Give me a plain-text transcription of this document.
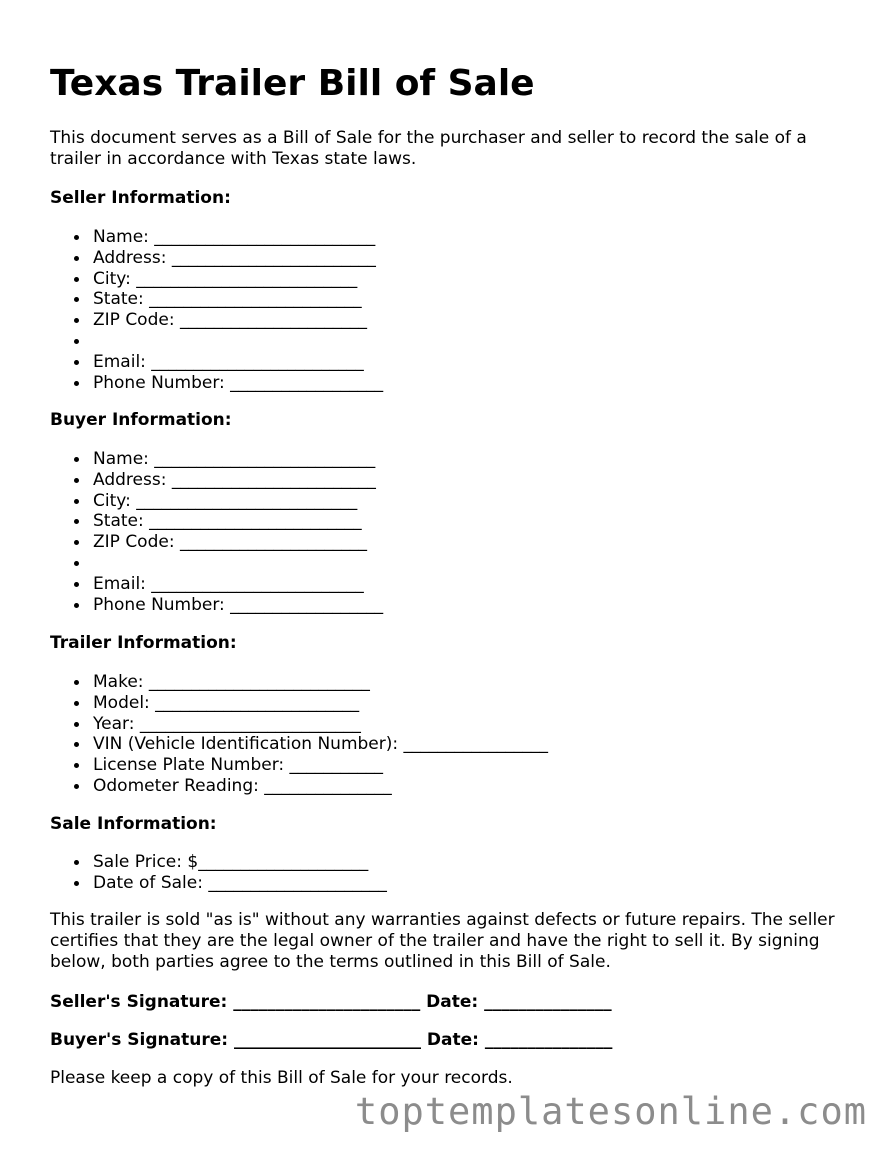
Texas Trailer Bill of Sale

This document serves as a Bill of Sale for the purchaser and seller to record the sale of a trailer in accordance with Texas state laws.

Seller Information:

Name: __________________________
Address: ________________________
City: __________________________
State: _________________________
ZIP Code: ______________________
Email: _________________________
Phone Number: __________________

Buyer Information:

Name: __________________________
Address: ________________________
City: __________________________
State: _________________________
ZIP Code: ______________________
Email: _________________________
Phone Number: __________________

Trailer Information:

Make: __________________________
Model: ________________________
Year: __________________________
VIN (Vehicle Identification Number): _________________
License Plate Number: ___________
Odometer Reading: _______________

Sale Information:

Sale Price: $____________________
Date of Sale: _____________________

This trailer is sold "as is" without any warranties against defects or future repairs. The seller certifies that they are the legal owner of the trailer and have the right to sell it. By signing below, both parties agree to the terms outlined in this Bill of Sale.

Seller's Signature: ______________________ Date: _______________

Buyer's Signature: ______________________ Date: _______________

Please keep a copy of this Bill of Sale for your records.

toptemplatesonline.com
